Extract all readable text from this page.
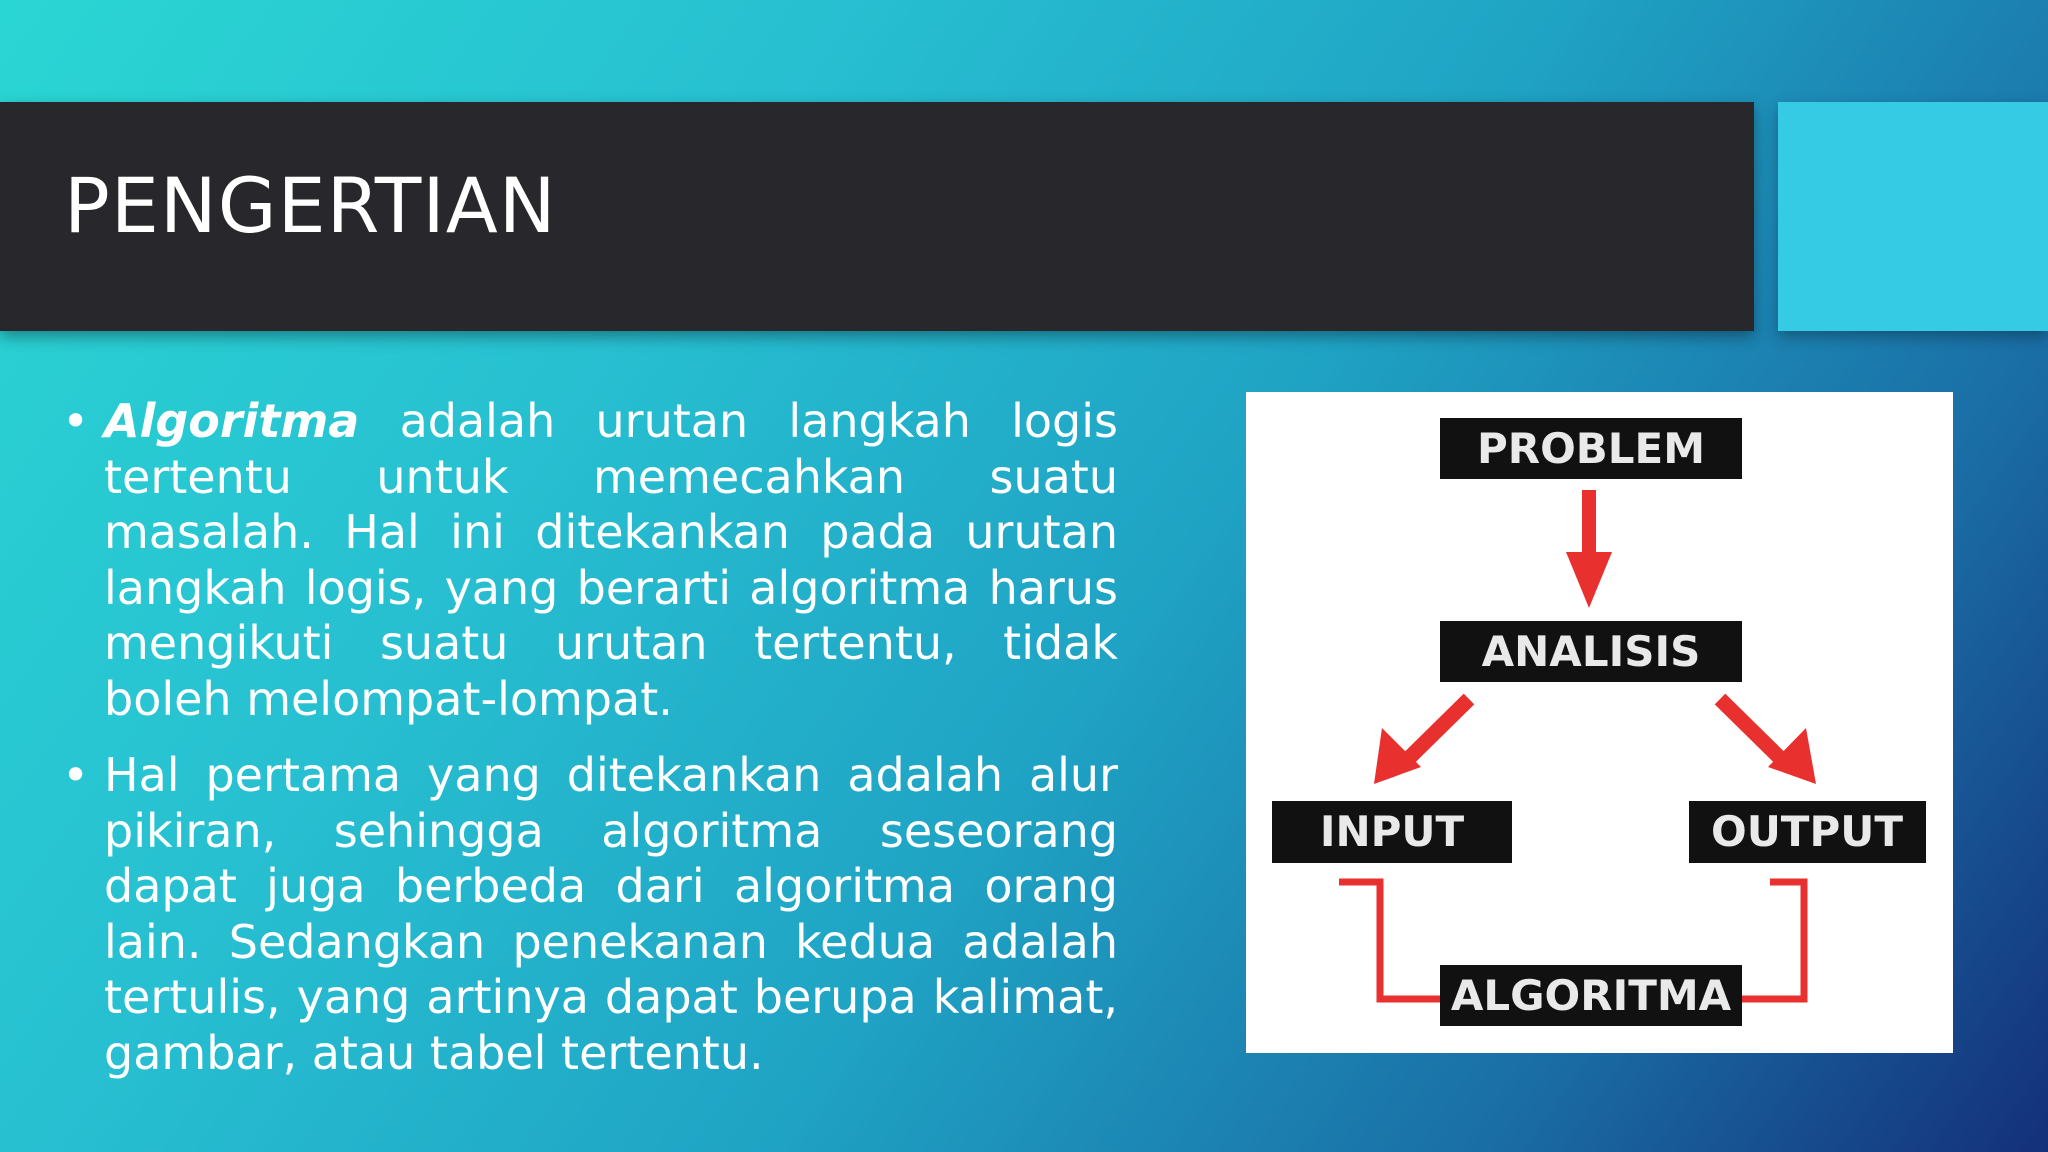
PENGERTIAN
• Algoritma adalah urutan langkah logis tertentu untuk memecahkan suatu masalah. Hal ini ditekankan pada urutan langkah logis, yang berarti algoritma harus mengikuti suatu urutan tertentu, tidak boleh melompat-lompat.
• Hal pertama yang ditekankan adalah alur pikiran, sehingga algoritma seseorang dapat juga berbeda dari algoritma orang lain. Sedangkan penekanan kedua adalah tertulis, yang artinya dapat berupa kalimat, gambar, atau tabel tertentu.
PROBLEM
ANALISIS
INPUT	OUTPUT
ALGORITMA
